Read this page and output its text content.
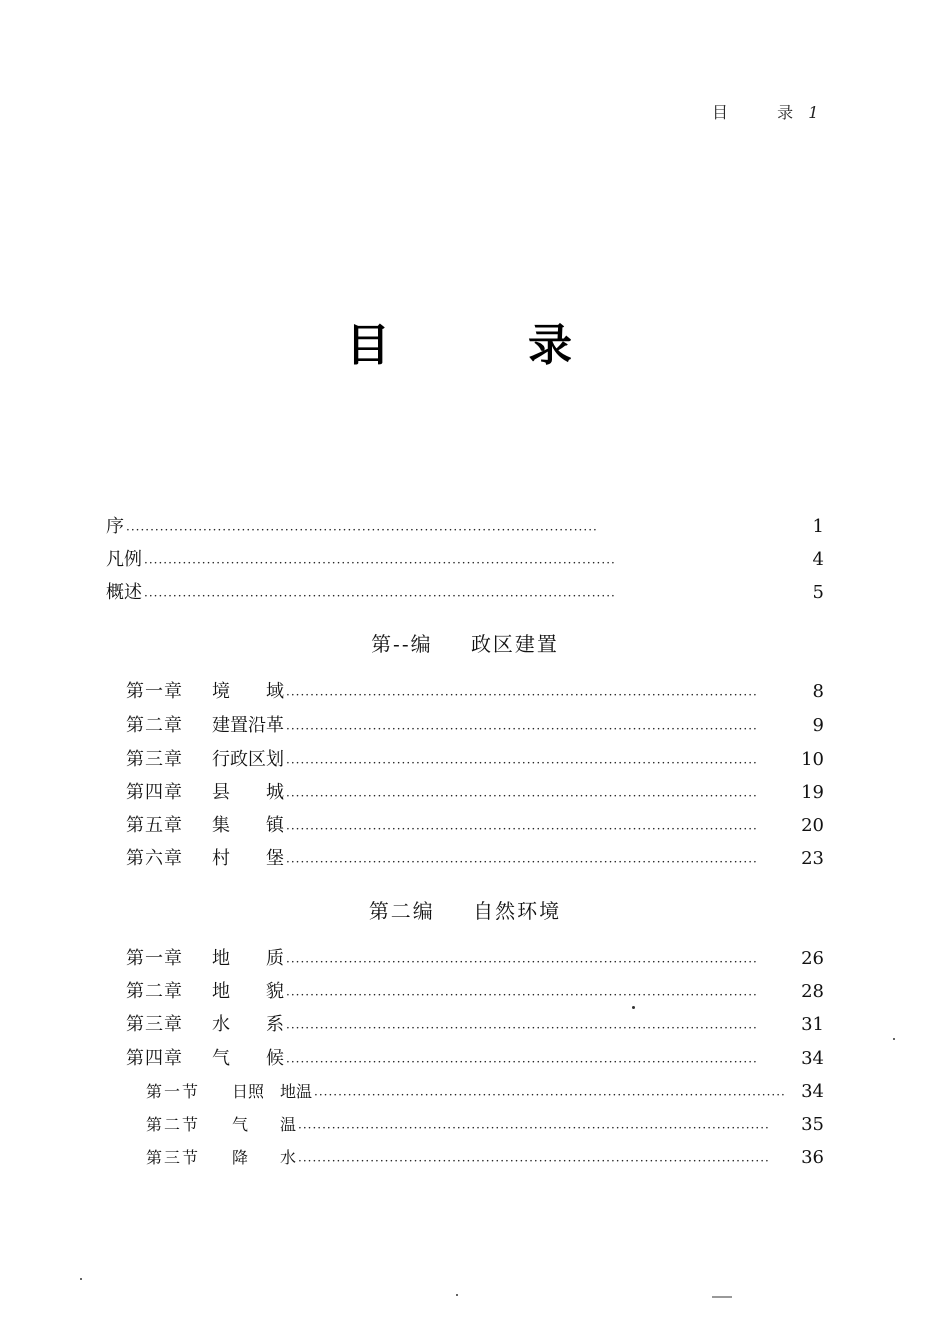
目	录 1
目	录
序 ··································································································	1
凡例 ··································································································	4
概述 ··································································································	5
第--编 政区建置
第一章	境　　域 ··································································································	8
第二章	建置沿革 ··································································································	9
第三章	行政区划 ··································································································	10
第四章	县　　城 ··································································································	19
第五章	集　　镇 ··································································································	20
第六章	村　　堡 ··································································································	23
第二编 自然环境
第一章	地　　质 ··································································································	26
第二章	地　　貌 ··································································································	28
第三章	水　　系 ··································································································	31
第四章	气　　候 ··································································································	34
第一节	日照　地温 ·································································································· 34
第二节	气　　温 ··································································································	35
第三节	降　　水 ··································································································	36
